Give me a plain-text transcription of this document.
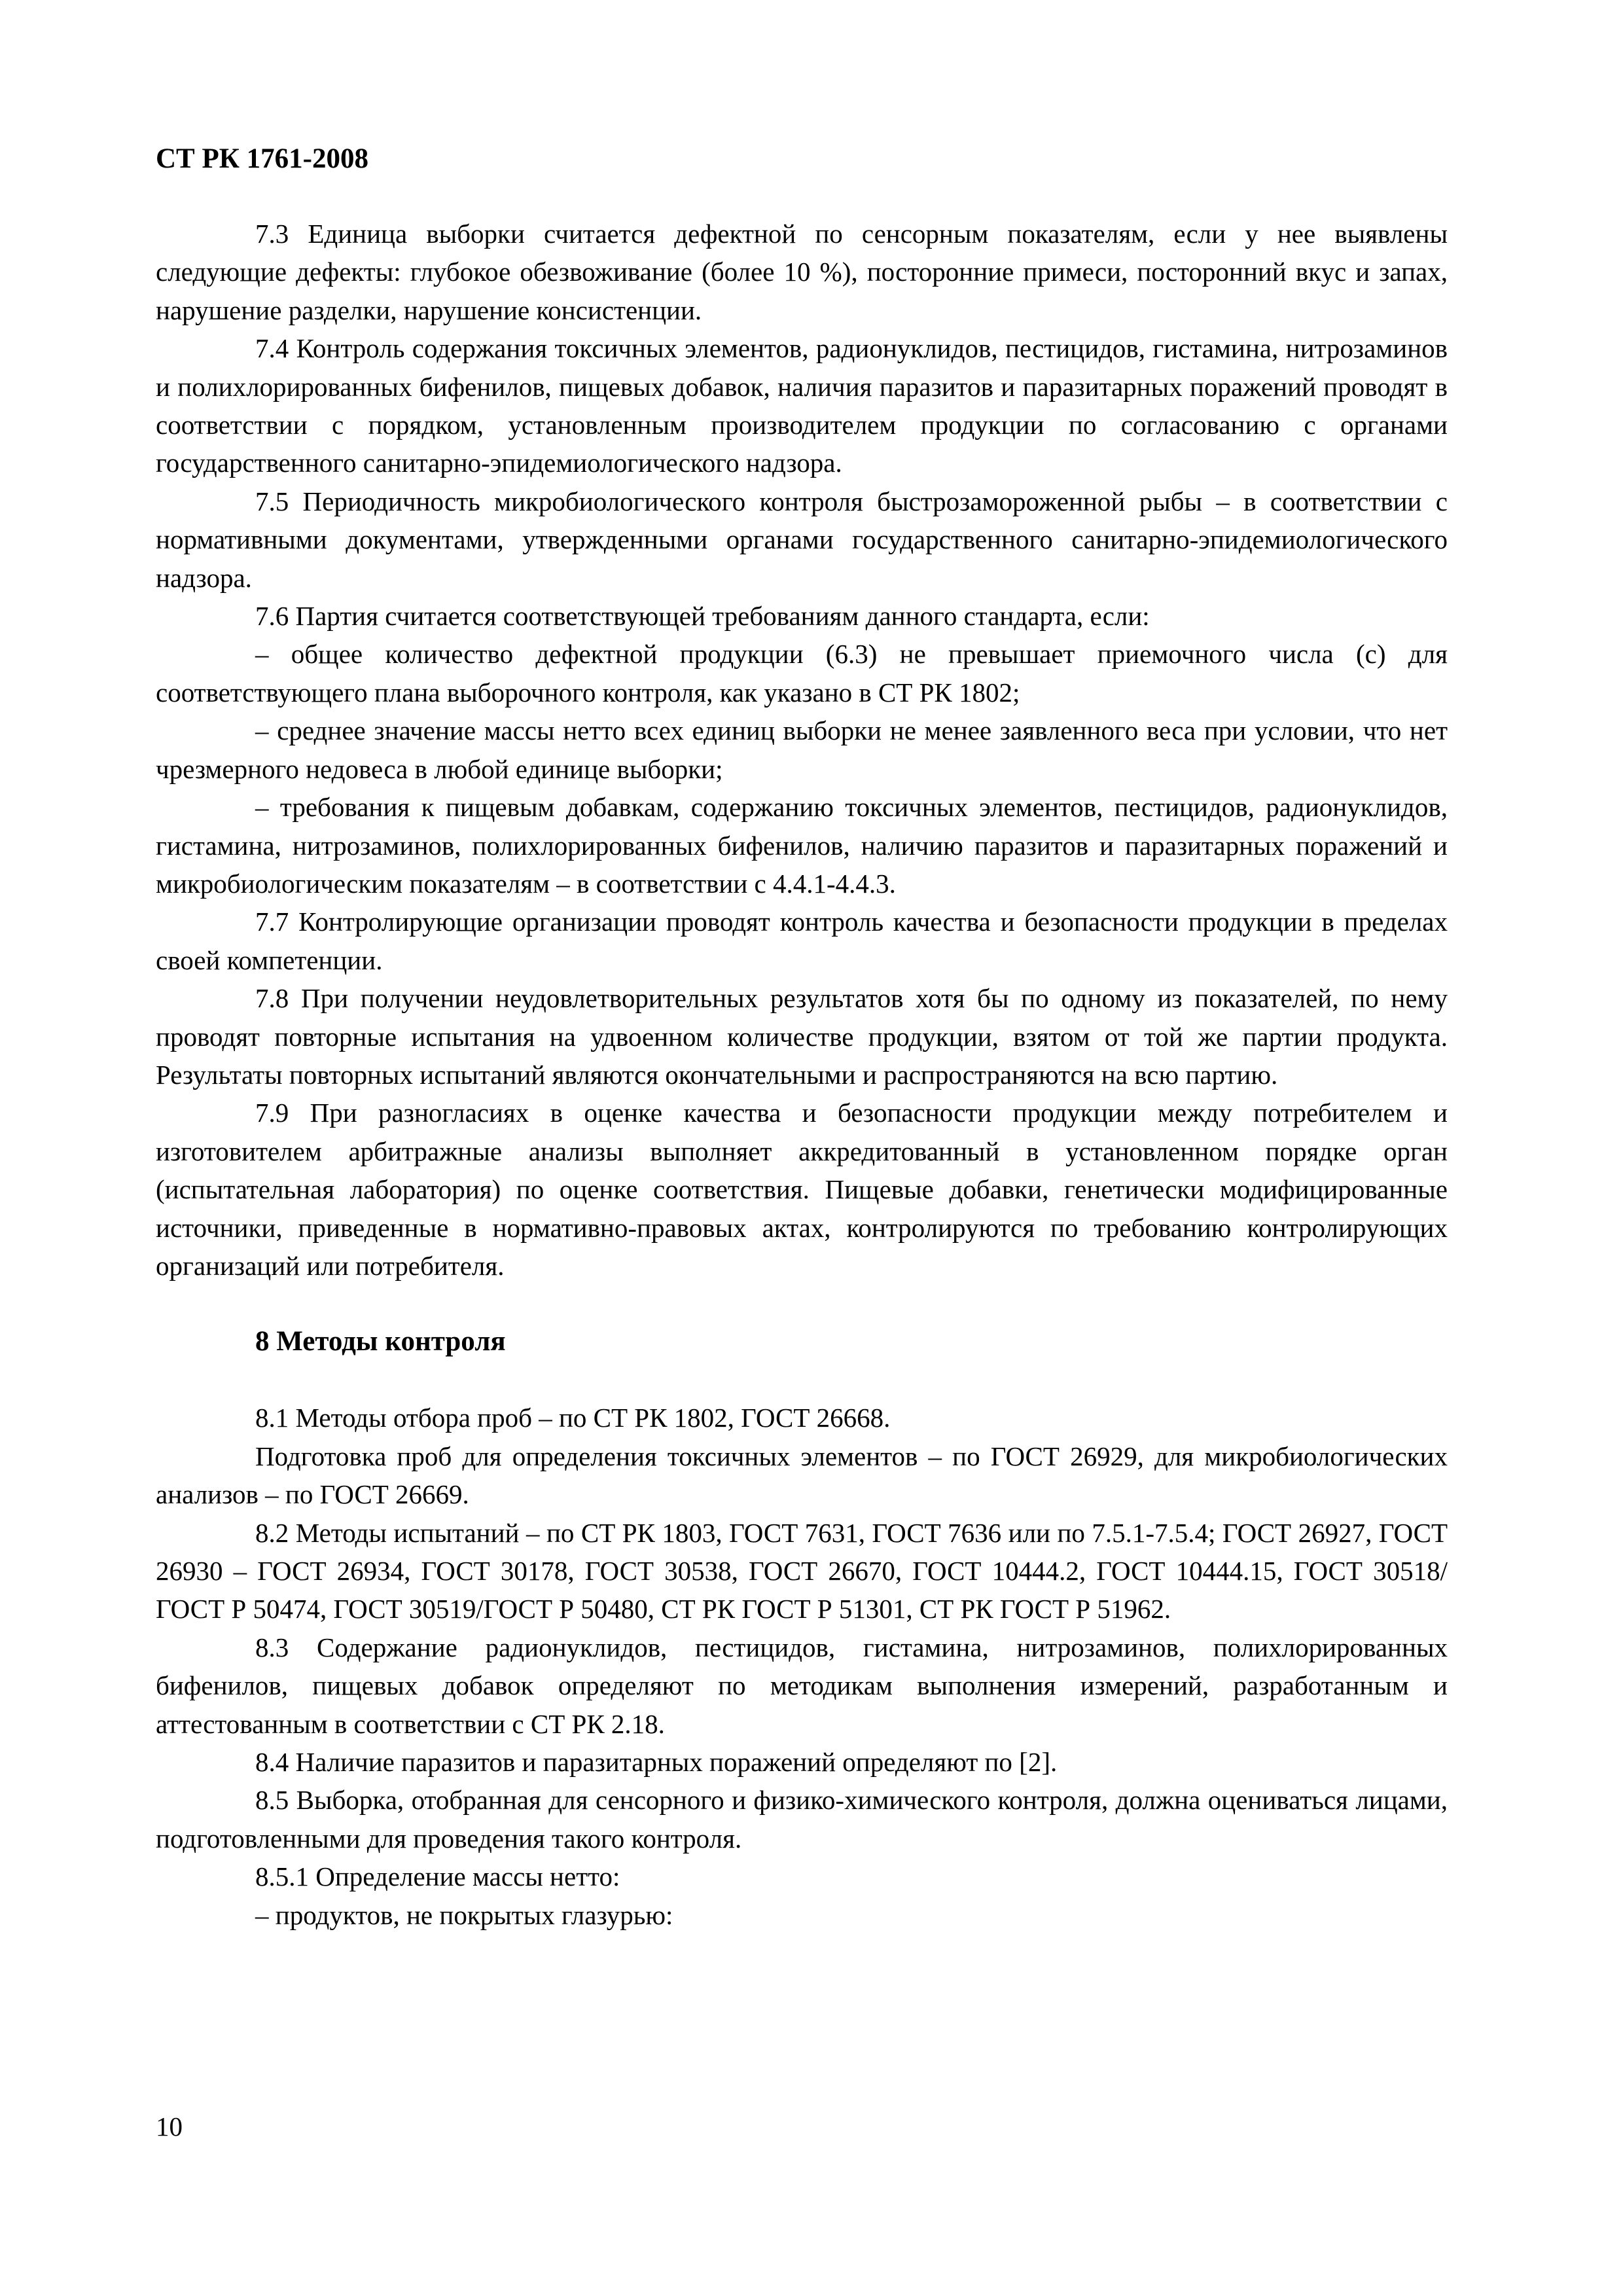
СТ РК 1761-2008

7.3 Единица выборки считается дефектной по сенсорным показателям, если у нее выявлены следующие дефекты: глубокое обезвоживание (более 10 %), посторонние примеси, посторонний вкус и запах, нарушение разделки, нарушение консистенции.

7.4 Контроль содержания токсичных элементов, радионуклидов, пестицидов, гистамина, нитрозаминов и полихлорированных бифенилов, пищевых добавок, наличия паразитов и паразитарных поражений проводят в соответствии с порядком, установленным производителем продукции по согласованию с органами государственного санитарно-эпидемиологического надзора.

7.5 Периодичность микробиологического контроля быстрозамороженной рыбы – в соответствии с нормативными документами, утвержденными органами государственного санитарно-эпидемиологического надзора.

7.6 Партия считается соответствующей требованиям данного стандарта, если:

– общее количество дефектной продукции (6.3) не превышает приемочного числа (с) для соответствующего плана выборочного контроля, как указано в СТ РК 1802;

– среднее значение массы нетто всех единиц выборки не менее заявленного веса при условии, что нет чрезмерного недовеса в любой единице выборки;

– требования к пищевым добавкам, содержанию токсичных элементов, пестицидов, радионуклидов, гистамина, нитрозаминов, полихлорированных бифенилов, наличию паразитов и паразитарных поражений и микробиологическим показателям – в соответствии с 4.4.1-4.4.3.

7.7 Контролирующие организации проводят контроль качества и безопасности продукции в пределах своей компетенции.

7.8 При получении неудовлетворительных результатов хотя бы по одному из показателей, по нему проводят повторные испытания на удвоенном количестве продукции, взятом от той же партии продукта. Результаты повторных испытаний являются окончательными и распространяются на всю партию.

7.9 При разногласиях в оценке качества и безопасности продукции между потребителем и изготовителем арбитражные анализы выполняет аккредитованный в установленном порядке орган (испытательная лаборатория) по оценке соответствия. Пищевые добавки, генетически модифицированные источники, приведенные в нормативно-правовых актах, контролируются по требованию контролирующих организаций или потребителя.

8 Методы контроля

8.1 Методы отбора проб – по СТ РК 1802, ГОСТ 26668.

Подготовка проб для определения токсичных элементов – по ГОСТ 26929, для микробиологических анализов – по ГОСТ 26669.

8.2 Методы испытаний – по СТ РК 1803, ГОСТ 7631, ГОСТ 7636 или по 7.5.1-7.5.4; ГОСТ 26927, ГОСТ 26930 – ГОСТ 26934, ГОСТ 30178, ГОСТ 30538, ГОСТ 26670, ГОСТ 10444.2, ГОСТ 10444.15, ГОСТ 30518/ГОСТ Р 50474, ГОСТ 30519/ГОСТ Р 50480, СТ РК ГОСТ Р 51301, СТ РК ГОСТ Р 51962.

8.3 Содержание радионуклидов, пестицидов, гистамина, нитрозаминов, полихлорированных бифенилов, пищевых добавок определяют по методикам выполнения измерений, разработанным и аттестованным в соответствии с СТ РК 2.18.

8.4 Наличие паразитов и паразитарных поражений определяют по [2].

8.5 Выборка, отобранная для сенсорного и физико-химического контроля, должна оцениваться лицами, подготовленными для проведения такого контроля.

8.5.1 Определение массы нетто:

– продуктов, не покрытых глазурью:

10
